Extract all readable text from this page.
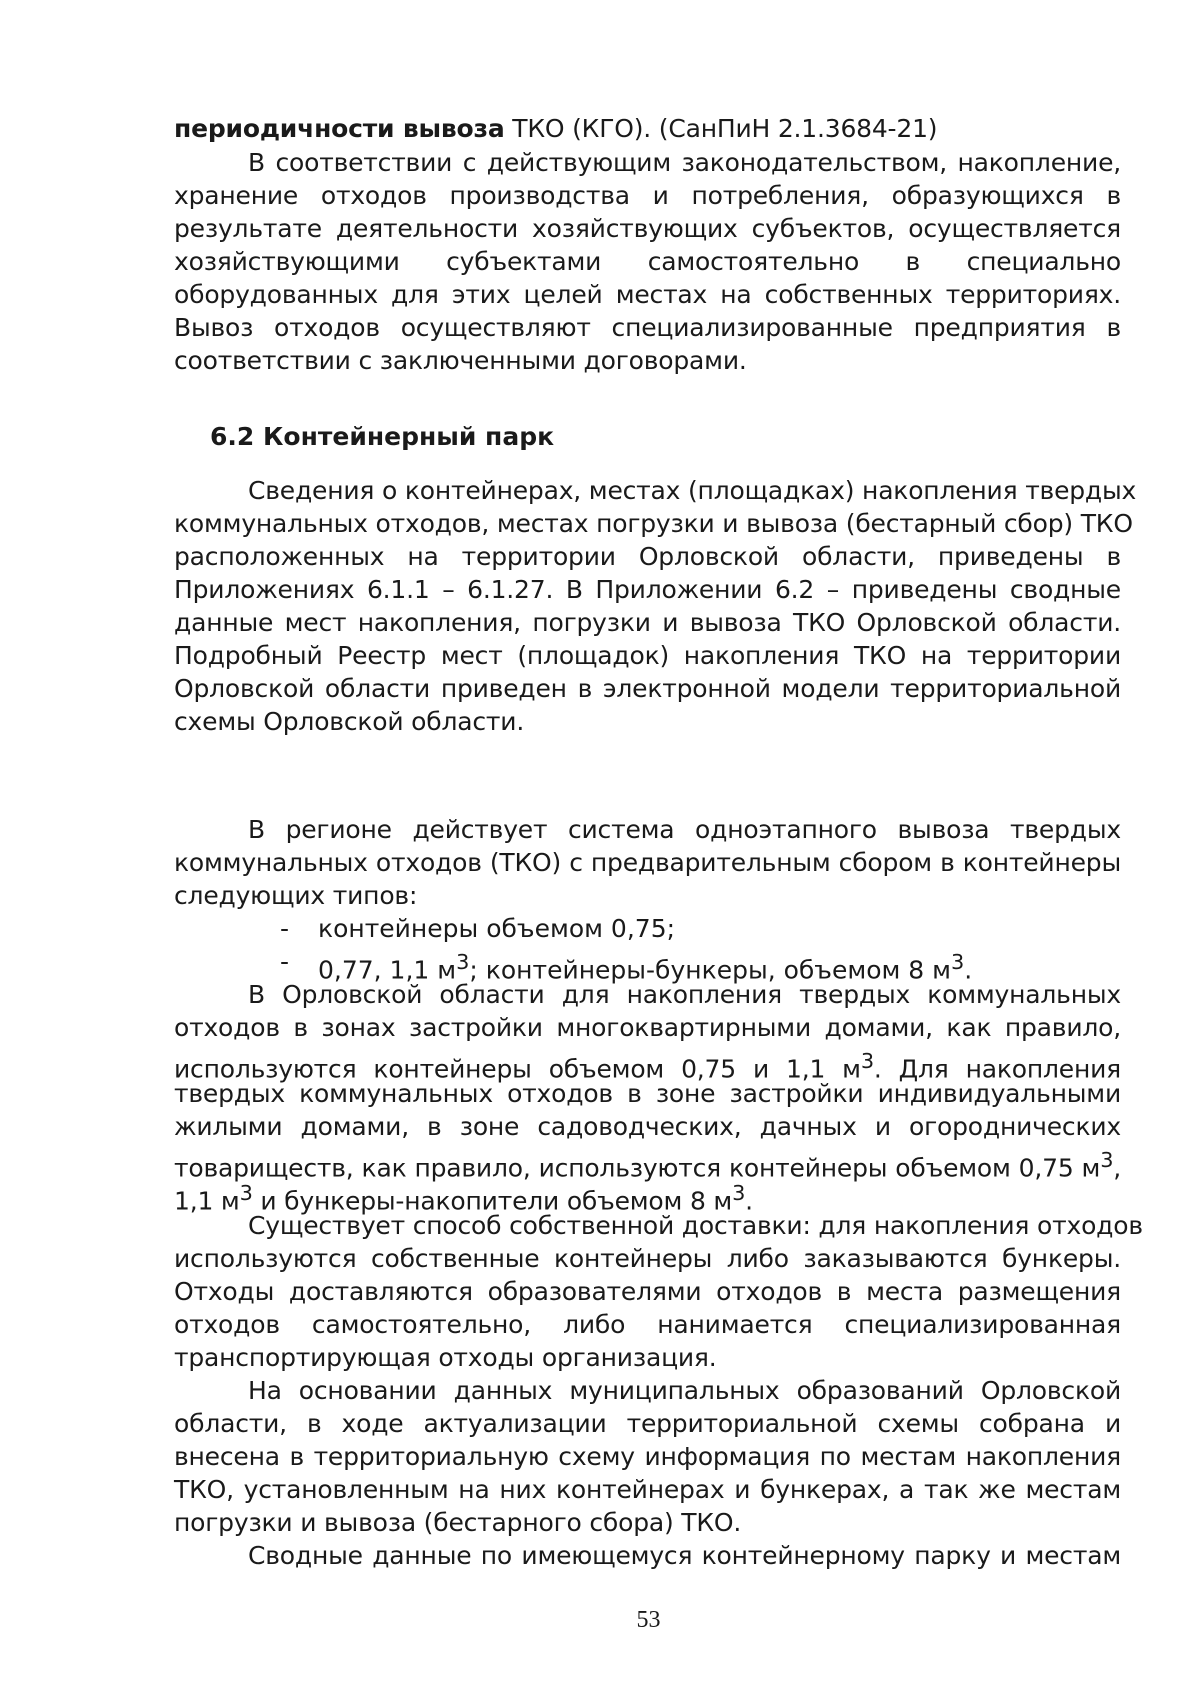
периодичности вывоза ТКО (КГО). (СанПиН 2.1.3684-21)
В соответствии с действующим законодательством, накопление,
хранение отходов производства и потребления, образующихся в
результате деятельности хозяйствующих субъектов, осуществляется
хозяйствующими субъектами самостоятельно в специально
оборудованных для этих целей местах на собственных территориях.
Вывоз отходов осуществляют специализированные предприятия в
соответствии с заключенными договорами.
6.2 Контейнерный парк
Сведения о контейнерах, местах (площадках) накопления твердых
коммунальных отходов, местах погрузки и вывоза (бестарный сбор) ТКО
расположенных на территории Орловской области, приведены в
Приложениях 6.1.1 – 6.1.27. В Приложении 6.2 – приведены сводные
данные мест накопления, погрузки и вывоза ТКО Орловской области.
Подробный Реестр мест (площадок) накопления ТКО на территории
Орловской области приведен в электронной модели территориальной
схемы Орловской области.
В регионе действует система одноэтапного вывоза твердых
коммунальных отходов (ТКО) с предварительным сбором в контейнеры
следующих типов:
- контейнеры объемом 0,75;
- 0,77, 1,1 $м^3$; контейнеры-бункеры, объемом 8 $м^3$.
В Орловской области для накопления твердых коммунальных
отходов в зонах застройки многоквартирными домами, как правило,
используются контейнеры объемом 0,75 и 1,1 $м^3$. Для накопления
твердых коммунальных отходов в зоне застройки индивидуальными
жилыми домами, в зоне садоводческих, дачных и огороднических
товариществ, как правило, используются контейнеры объемом 0,75 $м^3$,
1,1 $м^3$ и бункеры-накопители объемом 8 $м^3$.
Существует способ собственной доставки: для накопления отходов
используются собственные контейнеры либо заказываются бункеры.
Отходы доставляются образователями отходов в места размещения
отходов самостоятельно, либо нанимается специализированная
транспортирующая отходы организация.
На основании данных муниципальных образований Орловской
области, в ходе актуализации территориальной схемы собрана и
внесена в территориальную схему информация по местам накопления
ТКО, установленным на них контейнерах и бункерах, а так же местам
погрузки и вывоза (бестарного сбора) ТКО.
Сводные данные по имеющемуся контейнерному парку и местам
53
